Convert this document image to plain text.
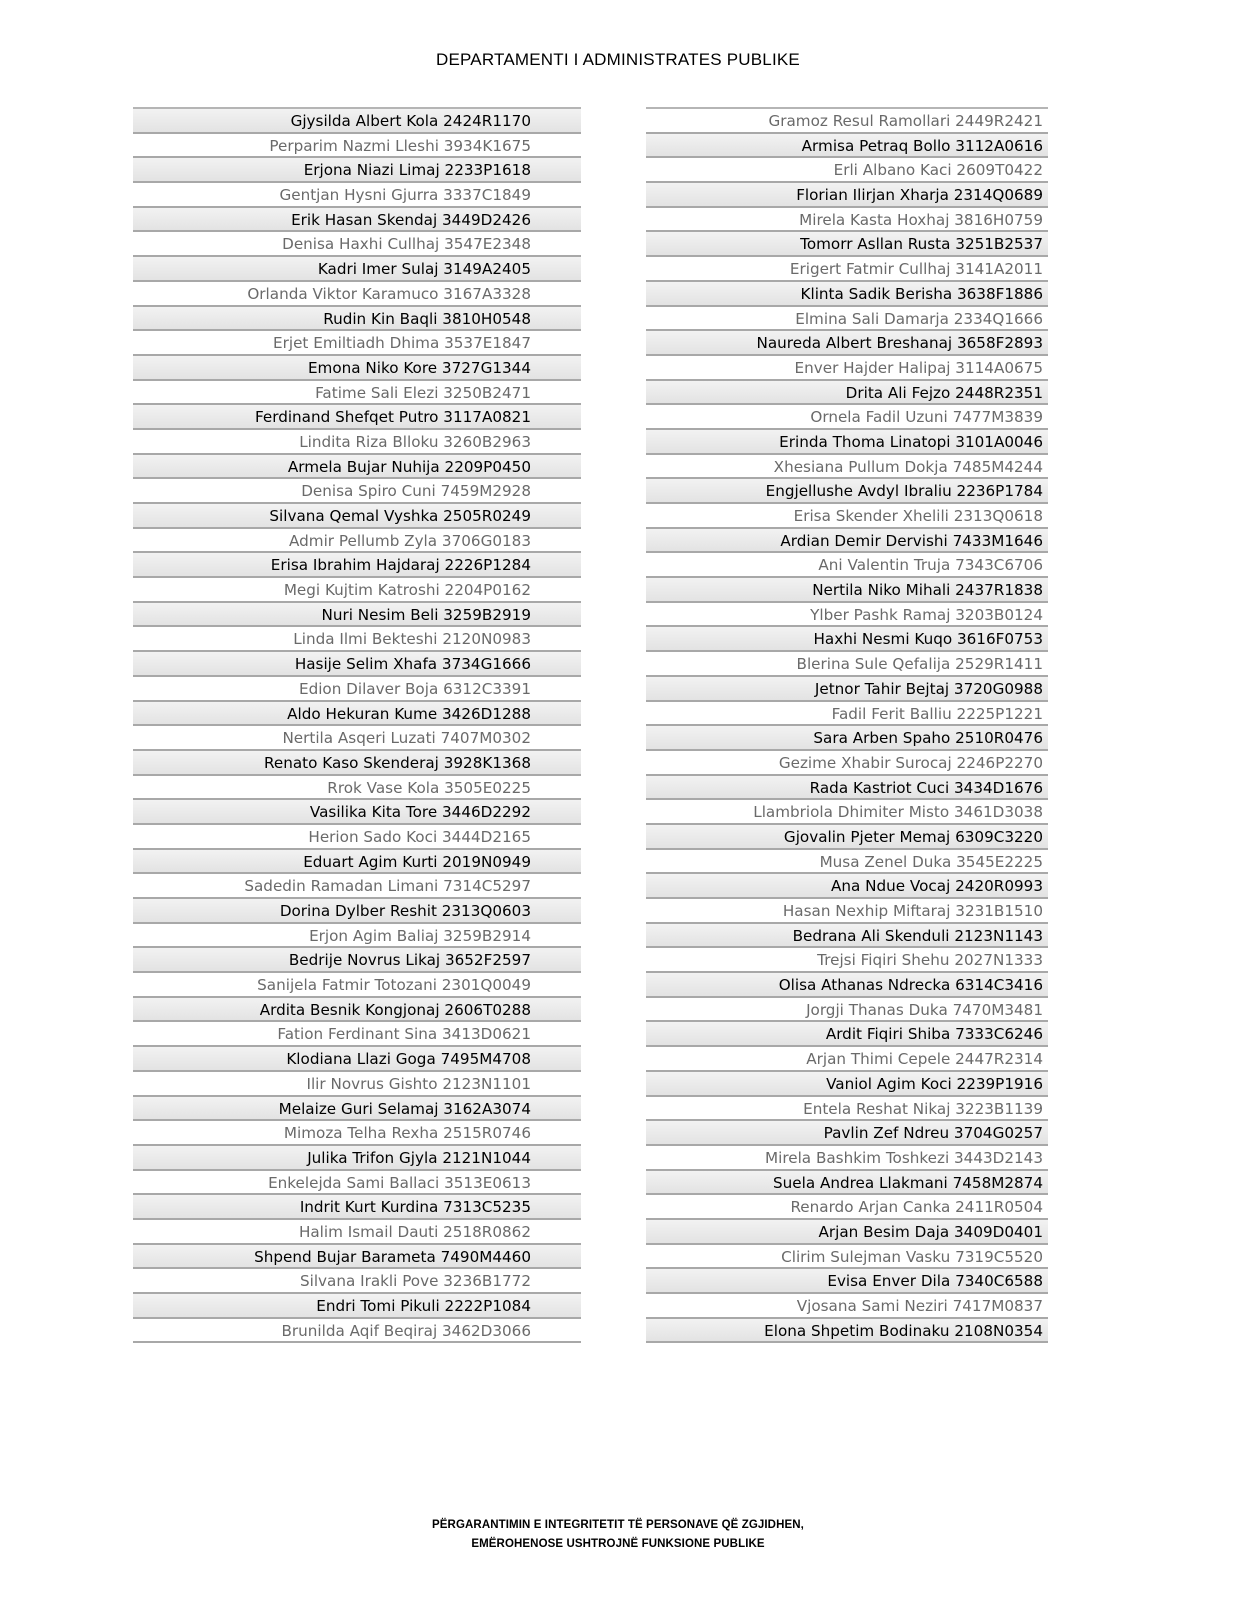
DEPARTAMENTI I ADMINISTRATES PUBLIKE
Gjysilda Albert Kola 2424R1170
Perparim Nazmi Lleshi 3934K1675
Erjona Niazi Limaj 2233P1618
Gentjan Hysni Gjurra 3337C1849
Erik Hasan Skendaj 3449D2426
Denisa Haxhi Cullhaj 3547E2348
Kadri Imer Sulaj 3149A2405
Orlanda Viktor Karamuco 3167A3328
Rudin Kin Baqli 3810H0548
Erjet Emiltiadh Dhima 3537E1847
Emona Niko Kore 3727G1344
Fatime Sali Elezi 3250B2471
Ferdinand Shefqet Putro 3117A0821
Lindita Riza Blloku 3260B2963
Armela Bujar Nuhija 2209P0450
Denisa Spiro Cuni 7459M2928
Silvana Qemal Vyshka 2505R0249
Admir Pellumb Zyla 3706G0183
Erisa Ibrahim Hajdaraj 2226P1284
Megi Kujtim Katroshi 2204P0162
Nuri Nesim Beli 3259B2919
Linda Ilmi Bekteshi 2120N0983
Hasije Selim Xhafa 3734G1666
Edion Dilaver Boja 6312C3391
Aldo Hekuran Kume 3426D1288
Nertila Asqeri Luzati 7407M0302
Renato Kaso Skenderaj 3928K1368
Rrok Vase Kola 3505E0225
Vasilika Kita Tore 3446D2292
Herion Sado Koci 3444D2165
Eduart Agim Kurti 2019N0949
Sadedin Ramadan Limani 7314C5297
Dorina Dylber Reshit 2313Q0603
Erjon Agim Baliaj 3259B2914
Bedrije Novrus Likaj 3652F2597
Sanijela Fatmir Totozani 2301Q0049
Ardita Besnik Kongjonaj 2606T0288
Fation Ferdinant Sina 3413D0621
Klodiana Llazi Goga 7495M4708
Ilir Novrus Gishto 2123N1101
Melaize Guri Selamaj 3162A3074
Mimoza Telha Rexha 2515R0746
Julika Trifon Gjyla 2121N1044
Enkelejda Sami Ballaci 3513E0613
Indrit Kurt Kurdina 7313C5235
Halim Ismail Dauti 2518R0862
Shpend Bujar Barameta 7490M4460
Silvana Irakli Pove 3236B1772
Endri Tomi Pikuli 2222P1084
Brunilda Aqif Beqiraj 3462D3066
Gramoz Resul Ramollari 2449R2421
Armisa Petraq Bollo 3112A0616
Erli Albano Kaci 2609T0422
Florian Ilirjan Xharja 2314Q0689
Mirela Kasta Hoxhaj 3816H0759
Tomorr Asllan Rusta 3251B2537
Erigert Fatmir Cullhaj 3141A2011
Klinta Sadik Berisha 3638F1886
Elmina Sali Damarja 2334Q1666
Naureda Albert Breshanaj 3658F2893
Enver Hajder Halipaj 3114A0675
Drita Ali Fejzo 2448R2351
Ornela Fadil Uzuni 7477M3839
Erinda Thoma Linatopi 3101A0046
Xhesiana Pullum Dokja 7485M4244
Engjellushe Avdyl Ibraliu 2236P1784
Erisa Skender Xhelili 2313Q0618
Ardian Demir Dervishi 7433M1646
Ani Valentin Truja 7343C6706
Nertila Niko Mihali 2437R1838
Ylber Pashk Ramaj 3203B0124
Haxhi Nesmi Kuqo 3616F0753
Blerina Sule Qefalija 2529R1411
Jetnor Tahir Bejtaj 3720G0988
Fadil Ferit Balliu 2225P1221
Sara Arben Spaho 2510R0476
Gezime Xhabir Surocaj 2246P2270
Rada Kastriot Cuci 3434D1676
Llambriola Dhimiter Misto 3461D3038
Gjovalin Pjeter Memaj 6309C3220
Musa Zenel Duka 3545E2225
Ana Ndue Vocaj 2420R0993
Hasan Nexhip Miftaraj 3231B1510
Bedrana Ali Skenduli 2123N1143
Trejsi Fiqiri Shehu 2027N1333
Olisa Athanas Ndrecka 6314C3416
Jorgji Thanas Duka 7470M3481
Ardit Fiqiri Shiba 7333C6246
Arjan Thimi Cepele 2447R2314
Vaniol Agim Koci 2239P1916
Entela Reshat Nikaj 3223B1139
Pavlin Zef Ndreu 3704G0257
Mirela Bashkim Toshkezi 3443D2143
Suela Andrea Llakmani 7458M2874
Renardo Arjan Canka 2411R0504
Arjan Besim Daja 3409D0401
Clirim Sulejman Vasku 7319C5520
Evisa Enver Dila 7340C6588
Vjosana Sami Neziri 7417M0837
Elona Shpetim Bodinaku 2108N0354
PËRGARANTIMIN E INTEGRITETIT TË PERSONAVE QË ZGJIDHEN,
EMËROHENOSE USHTROJNË FUNKSIONE PUBLIKE
